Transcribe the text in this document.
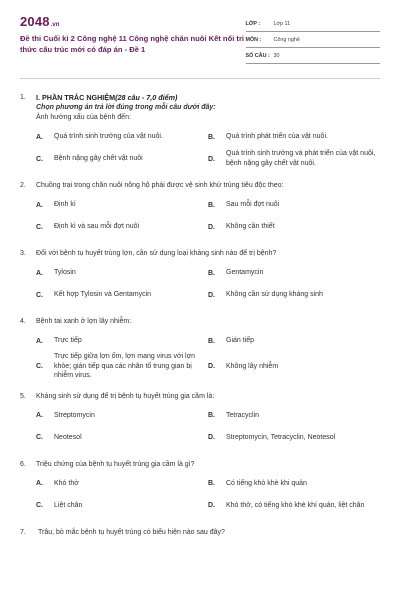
2048 .vn
Đề thi Cuối kì 2 Công nghệ 11 Công nghệ chăn nuôi Kết nối tri thức cấu trúc mới có đáp án - Đề 1
LỚP :	Lớp 11
MÔN :	Công nghệ
SỐ CÂU : 30
1.	I. PHẦN TRẮC NGHIỆM(28 câu - 7,0 điểm)
Chọn phương án trả lời đúng trong mỗi câu dưới đây:
Ảnh hưởng xấu của bệnh đến:
A.	Quá trình sinh trưởng của vật nuôi.	B.	Quá trình phát triển của vật nuôi.
C.	Bệnh nặng gây chết vật nuôi	D.
Quá trình sinh trưởng và phát triển của vật nuôi, bệnh nặng gây chết vật nuôi.
2.	Chuồng trại trong chăn nuôi nông hộ phải được vệ sinh khử trùng tiêu độc theo:
A.	Định kì	B.	Sau mỗi đợt nuôi
C.	Định kì và sau mỗi đợt nuôi	D.	Không cần thiết
3.	Đối với bệnh tụ huyết trùng lợn, cần sử dụng loại kháng sinh nào để trị bệnh?
A.	Tylosin	B.	Gentamycin
C.	Kết hợp Tylosin và Gentamycin	D.	Không cần sử dụng kháng sinh
4.	Bệnh tai xanh ở lợn lây nhiễm:
A.	Trực tiếp	B.	Gián tiếp
C.
Trực tiếp giữa lợn ốm, lợn mang virus với lợn khỏe; gián tiếp qua các nhân tố trung gian bị nhiễm virus.
D.	Không lây nhiễm
5.	Kháng sinh sử dụng để trị bệnh tụ huyết trùng gia cầm là:
A.	Streptomycin	B.	Tetracyclin
C.	Neotesol	D.	Streptomycin, Tetracyclin, Neotesol
6.	Triệu chứng của bệnh tụ huyết trùng gia cầm là gì?
A.	Khó thở	B.	Có tiếng khò khè khi quản
C.	Liệt chân	D.	Khó thở, có tiếng khò khè khí quản, liệt chân
7.	Trâu, bò mắc bệnh tụ huyết trùng có biểu hiện nào sau đây?
